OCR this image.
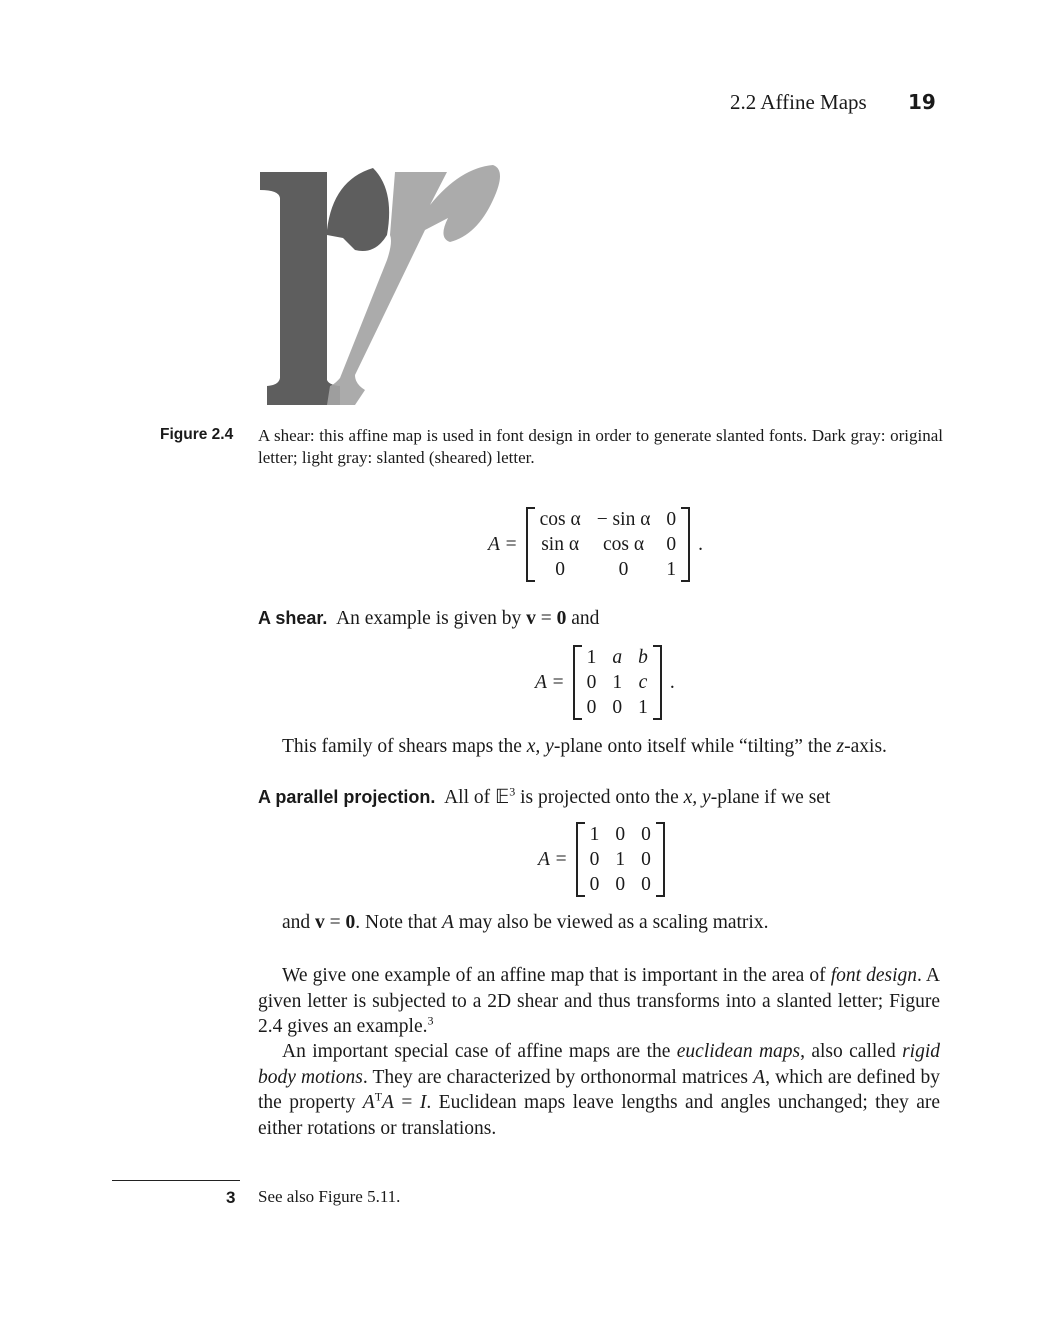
2.2 Affine Maps 19
Figure 2.4 A shear: this affine map is used in font design in order to generate slanted fonts. Dark gray: original letter; light gray: slanted (sheared) letter.
A =
cos α	− sin α	0
sin α	cos α	0
0	0	1
.
A shear. An example is given by v = 0 and
A =
1	a	b
0	1	c
0	0	1
.
This family of shears maps the x, y-plane onto itself while “tilting” the z-axis.
A parallel projection. All of 𝔼$^3$ is projected onto the x, y-plane if we set
A =
1	0	0
0	1	0
0	0	0
and v = 0. Note that A may also be viewed as a scaling matrix.
We give one example of an affine map that is important in the area of font design. A given letter is subjected to a 2D shear and thus transforms into a slanted letter; Figure 2.4 gives an example.$^3$
An important special case of affine maps are the euclidean maps, also called rigid body motions. They are characterized by orthonormal matrices A, which are defined by the property $A^TA = I$. Euclidean maps leave lengths and angles unchanged; they are either rotations or translations.
3 See also Figure 5.11.
